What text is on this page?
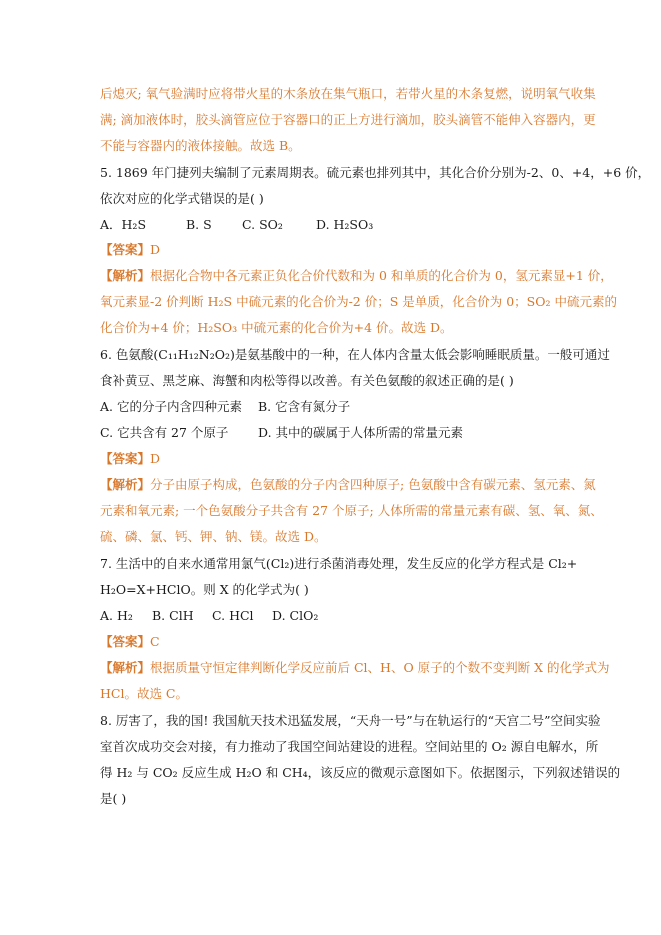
后熄灭; 氧气验满时应将带火星的木条放在集气瓶口，若带火星的木条复燃，说明氧气收集
满; 滴加液体时，胶头滴管应位于容器口的正上方进行滴加，胶头滴管不能伸入容器内，更
不能与容器内的液体接触。故选 B。
5. 1869 年门捷列夫编制了元素周期表。硫元素也排列其中，其化合价分别为-2、0、+4，+6 价，
依次对应的化学式错误的是( )
A．H₂S	B. S C. SO₂	D. H₂SO₃
【答案】D
【解析】根据化合物中各元素正负化合价代数和为 0 和单质的化合价为 0，氢元素显+1 价，
氧元素显-2 价判断 H₂S 中硫元素的化合价为-2 价；S 是单质，化合价为 0；SO₂ 中硫元素的
化合价为+4 价；H₂SO₃ 中硫元素的化合价为+4 价。故选 D。
6. 色氨酸(C₁₁H₁₂N₂O₂)是氨基酸中的一种，在人体内含量太低会影响睡眠质量。一般可通过
食补黄豆、黑芝麻、海蟹和肉松等得以改善。有关色氨酸的叙述正确的是( )
A. 它的分子内含四种元素 B. 它含有氮分子
C. 它共含有 27 个原子 D. 其中的碳属于人体所需的常量元素
【答案】D
【解析】分子由原子构成，色氨酸的分子内含四种原子; 色氨酸中含有碳元素、氢元素、氮
元素和氧元素; 一个色氨酸分子共含有 27 个原子; 人体所需的常量元素有碳、氢、氧、氮、
硫、磷、氯、钙、钾、钠、镁。故选 D。
7. 生活中的自来水通常用氯气(Cl₂)进行杀菌消毒处理，发生反应的化学方程式是 Cl₂+
H₂O=X+HClO。则 X 的化学式为( )
A. H₂ B. ClH C. HCl D. ClO₂
【答案】C
【解析】根据质量守恒定律判断化学反应前后 Cl、H、O 原子的个数不变判断 X 的化学式为
HCl。故选 C。
8. 厉害了，我的国! 我国航天技术迅猛发展，“天舟一号”与在轨运行的“天宫二号”空间实验
室首次成功交会对接，有力推动了我国空间站建设的进程。空间站里的 O₂ 源自电解水，所
得 H₂ 与 CO₂ 反应生成 H₂O 和 CH₄，该反应的微观示意图如下。依据图示，下列叙述错误的
是( )
